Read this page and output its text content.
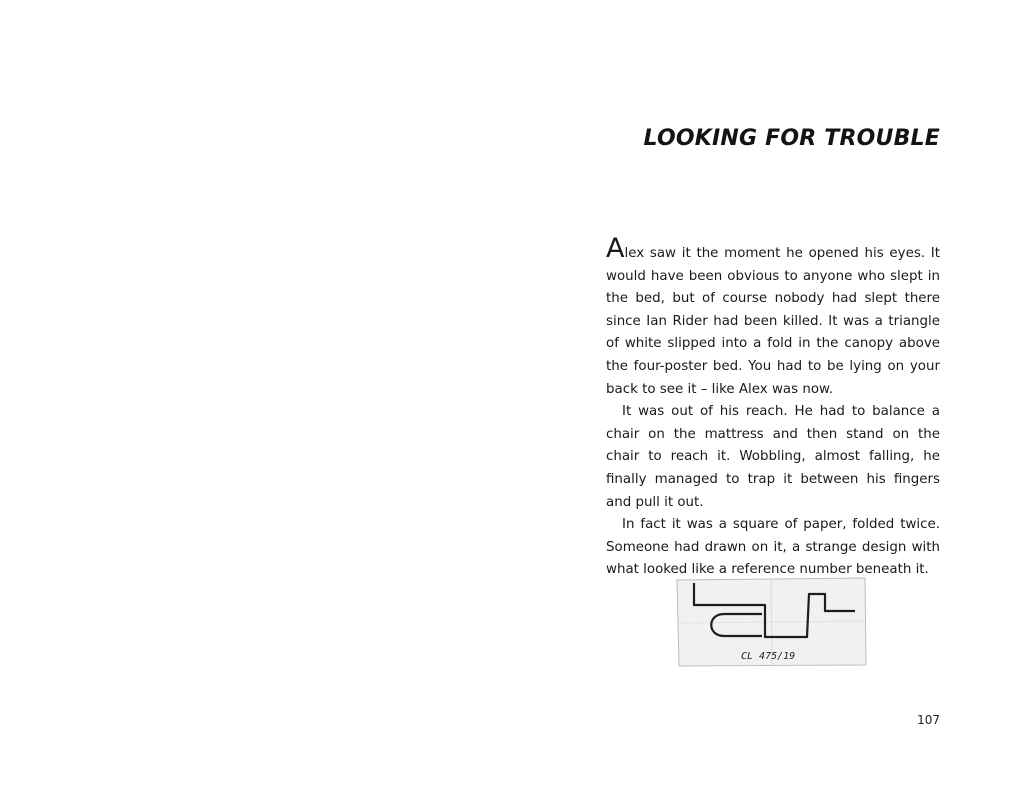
LOOKING FOR TROUBLE

Alex saw it the moment he opened his eyes. It would have been obvious to anyone who slept in the bed, but of course nobody had slept there since Ian Rider had been killed. It was a triangle of white slipped into a fold in the canopy above the four-poster bed. You had to be lying on your back to see it – like Alex was now.

It was out of his reach. He had to balance a chair on the mattress and then stand on the chair to reach it. Wobbling, almost falling, he finally managed to trap it between his fingers and pull it out.

In fact it was a square of paper, folded twice. Someone had drawn on it, a strange design with what looked like a reference number beneath it.

CL 475/19
107
